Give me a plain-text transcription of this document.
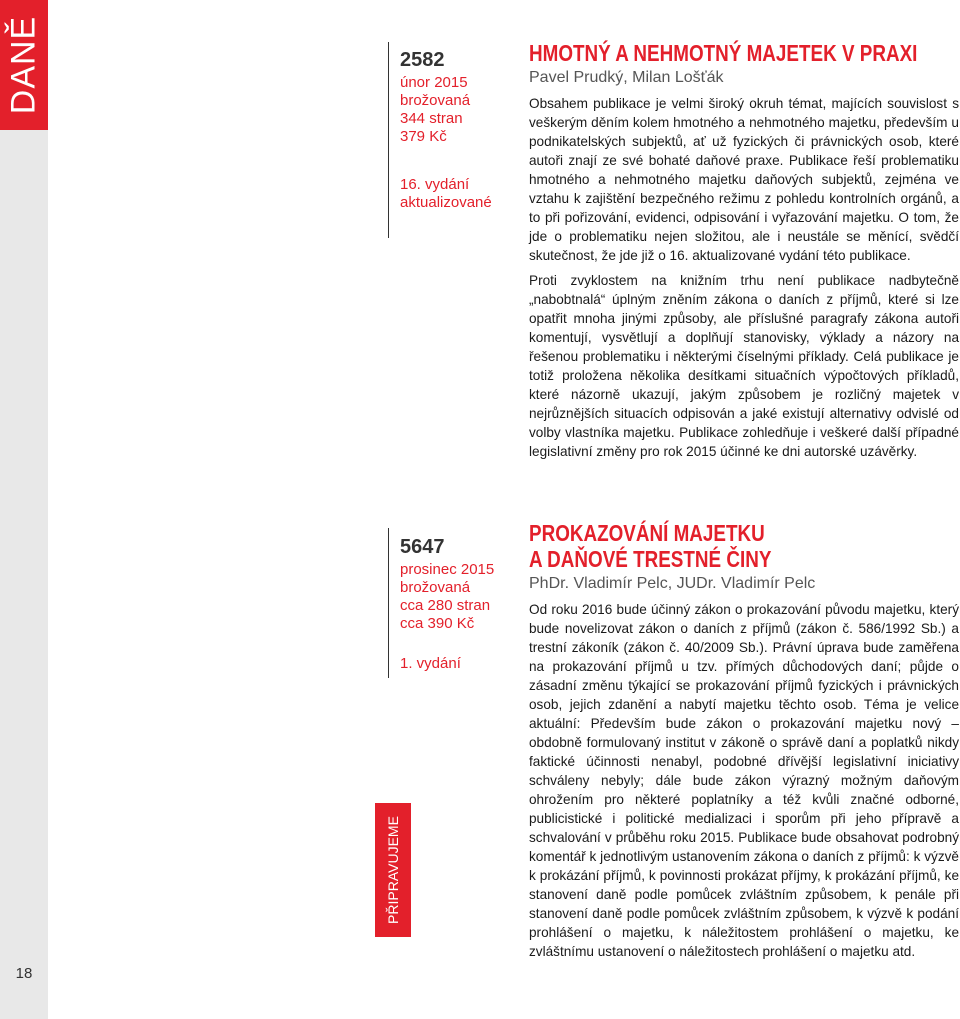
DANĚ
18
2582
únor 2015
brožovaná
344 stran
379 Kč
16. vydání
aktualizované
HMOTNÝ A NEHMOTNÝ MAJETEK V PRAXI
Pavel Prudký, Milan Lošťák

Obsahem publikace je velmi široký okruh témat, majících souvislost s veškerým děním kolem hmotného a nehmotného majetku, především u podnikatelských subjektů, ať už fyzických či právnických osob, které autoři znají ze své bohaté daňové praxe. Publikace řeší problematiku hmotného a nehmotného majetku daňových subjektů, zejména ve vztahu k zajištění bezpečného režimu z pohledu kontrolních orgánů, a to při pořizování, evidenci, odpisování i vyřazování majetku. O tom, že jde o problematiku nejen složitou, ale i neustále se měnící, svědčí skutečnost, že jde již o 16. aktualizované vydání této publikace.

Proti zvyklostem na knižním trhu není publikace nadbytečně „nabobtnalá“ úplným zněním zákona o daních z příjmů, které si lze opatřit mnoha jinými způsoby, ale příslušné paragrafy zákona autoři komentují, vysvětlují a doplňují stanovisky, výklady a názory na řešenou problematiku i některými číselnými příklady. Celá publikace je totiž proložena několika desítkami situačních výpočtových příkladů, které názorně ukazují, jakým způsobem je rozličný majetek v nejrůznějších situacích odpisován a jaké existují alternativy odvislé od volby vlastníka majetku. Publikace zohledňuje i veškeré další případné legislativní změny pro rok 2015 účinné ke dni autorské uzávěrky.

5647
prosinec 2015
brožovaná
cca 280 stran
cca 390 Kč
1. vydání
PŘIPRAVUJEME
PROKAZOVÁNÍ MAJETKU
A DAŇOVÉ TRESTNÉ ČINY
PhDr. Vladimír Pelc, JUDr. Vladimír Pelc

Od roku 2016 bude účinný zákon o prokazování původu majetku, který bude novelizovat zákon o daních z příjmů (zákon č. 586/1992 Sb.) a trestní zákoník (zákon č. 40/2009 Sb.). Právní úprava bude zaměřena na prokazování příjmů u tzv. přímých důchodových daní; půjde o zásadní změnu týkající se prokazování příjmů fyzických i právnických osob, jejich zdanění a nabytí majetku těchto osob. Téma je velice aktuální: Především bude zákon o prokazování majetku nový – obdobně formulovaný institut v zákoně o správě daní a poplatků nikdy faktické účinnosti nenabyl, podobné dřívější legislativní iniciativy schváleny nebyly; dále bude zákon výrazný možným daňovým ohrožením pro některé poplatníky a též kvůli značné odborné, publicistické i politické medializaci i sporům při jeho přípravě a schvalování v průběhu roku 2015. Publikace bude obsahovat podrobný komentář k jednotlivým ustanovením zákona o daních z příjmů: k výzvě k prokázání příjmů, k povinnosti prokázat příjmy, k prokázání příjmů, ke stanovení daně podle pomůcek zvláštním způsobem, k penále při stanovení daně podle pomůcek zvláštním způsobem, k výzvě k podání prohlášení o majetku, k náležitostem prohlášení o majetku, ke zvláštnímu ustanovení o náležitostech prohlášení o majetku atd.
